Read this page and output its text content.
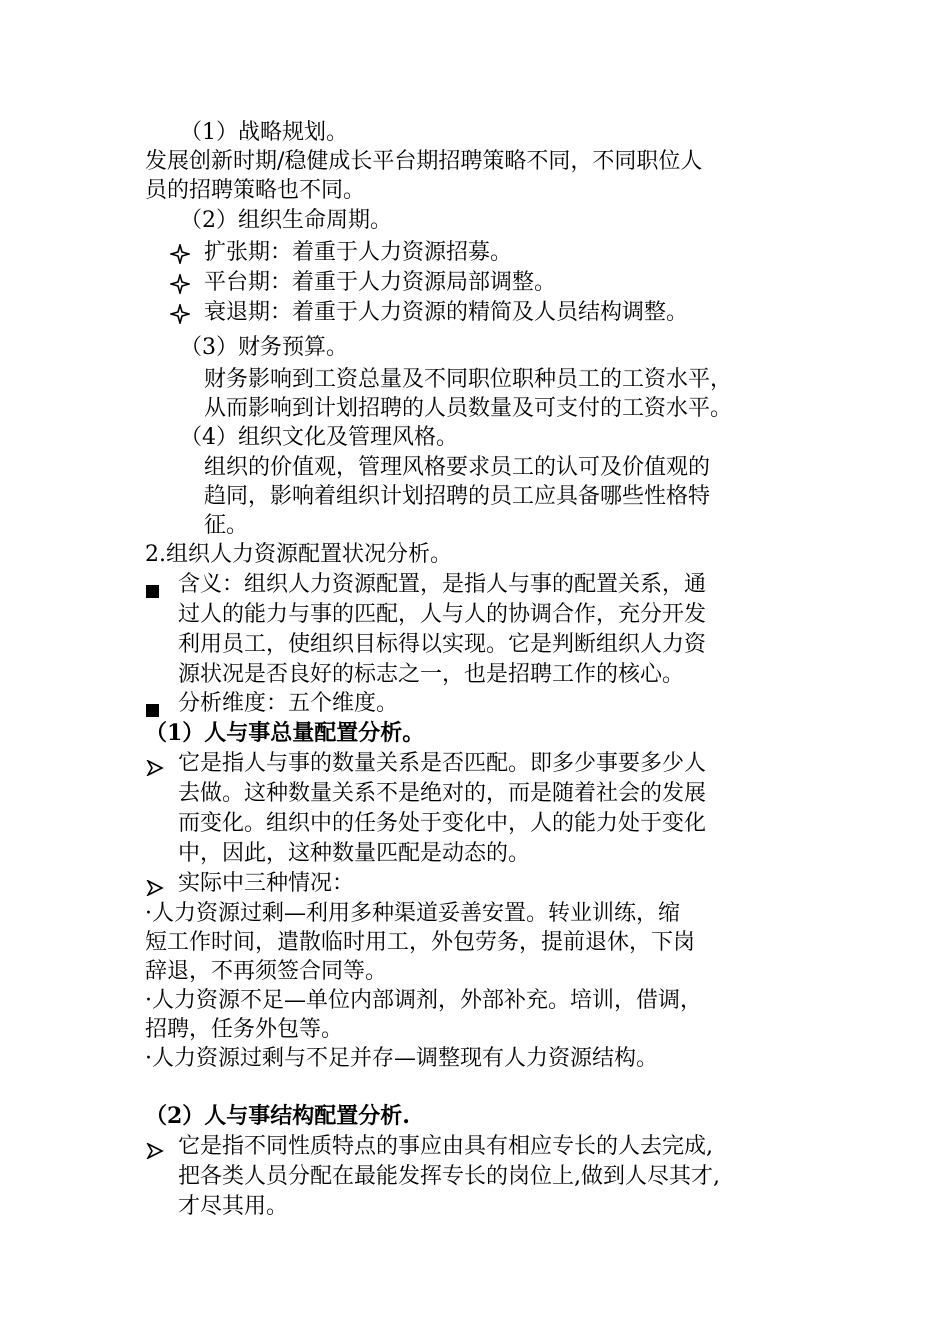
（1）战略规划。
发展创新时期/稳健成长平台期招聘策略不同，不同职位人
员的招聘策略也不同。
（2）组织生命周期。
扩张期：着重于人力资源招募。
平台期：着重于人力资源局部调整。
衰退期：着重于人力资源的精简及人员结构调整。
（3）财务预算。
财务影响到工资总量及不同职位职种员工的工资水平，
从而影响到计划招聘的人员数量及可支付的工资水平。
（4）组织文化及管理风格。
组织的价值观，管理风格要求员工的认可及价值观的
趋同，影响着组织计划招聘的员工应具备哪些性格特
征。
2.组织人力资源配置状况分析。
含义：组织人力资源配置，是指人与事的配置关系，通
过人的能力与事的匹配，人与人的协调合作，充分开发
利用员工，使组织目标得以实现。它是判断组织人力资
源状况是否良好的标志之一，也是招聘工作的核心。
分析维度：五个维度。
（1）人与事总量配置分析。
它是指人与事的数量关系是否匹配。即多少事要多少人
去做。这种数量关系不是绝对的，而是随着社会的发展
而变化。组织中的任务处于变化中，人的能力处于变化
中，因此，这种数量匹配是动态的。
实际中三种情况：
·人力资源过剩—利用多种渠道妥善安置。转业训练，缩
短工作时间，遣散临时用工，外包劳务，提前退休，下岗
辞退，不再须签合同等。
·人力资源不足—单位内部调剂，外部补充。培训，借调，
招聘，任务外包等。
·人力资源过剩与不足并存—调整现有人力资源结构。
（2）人与事结构配置分析.
它是指不同性质特点的事应由具有相应专长的人去完成,
把各类人员分配在最能发挥专长的岗位上,做到人尽其才,
才尽其用。
